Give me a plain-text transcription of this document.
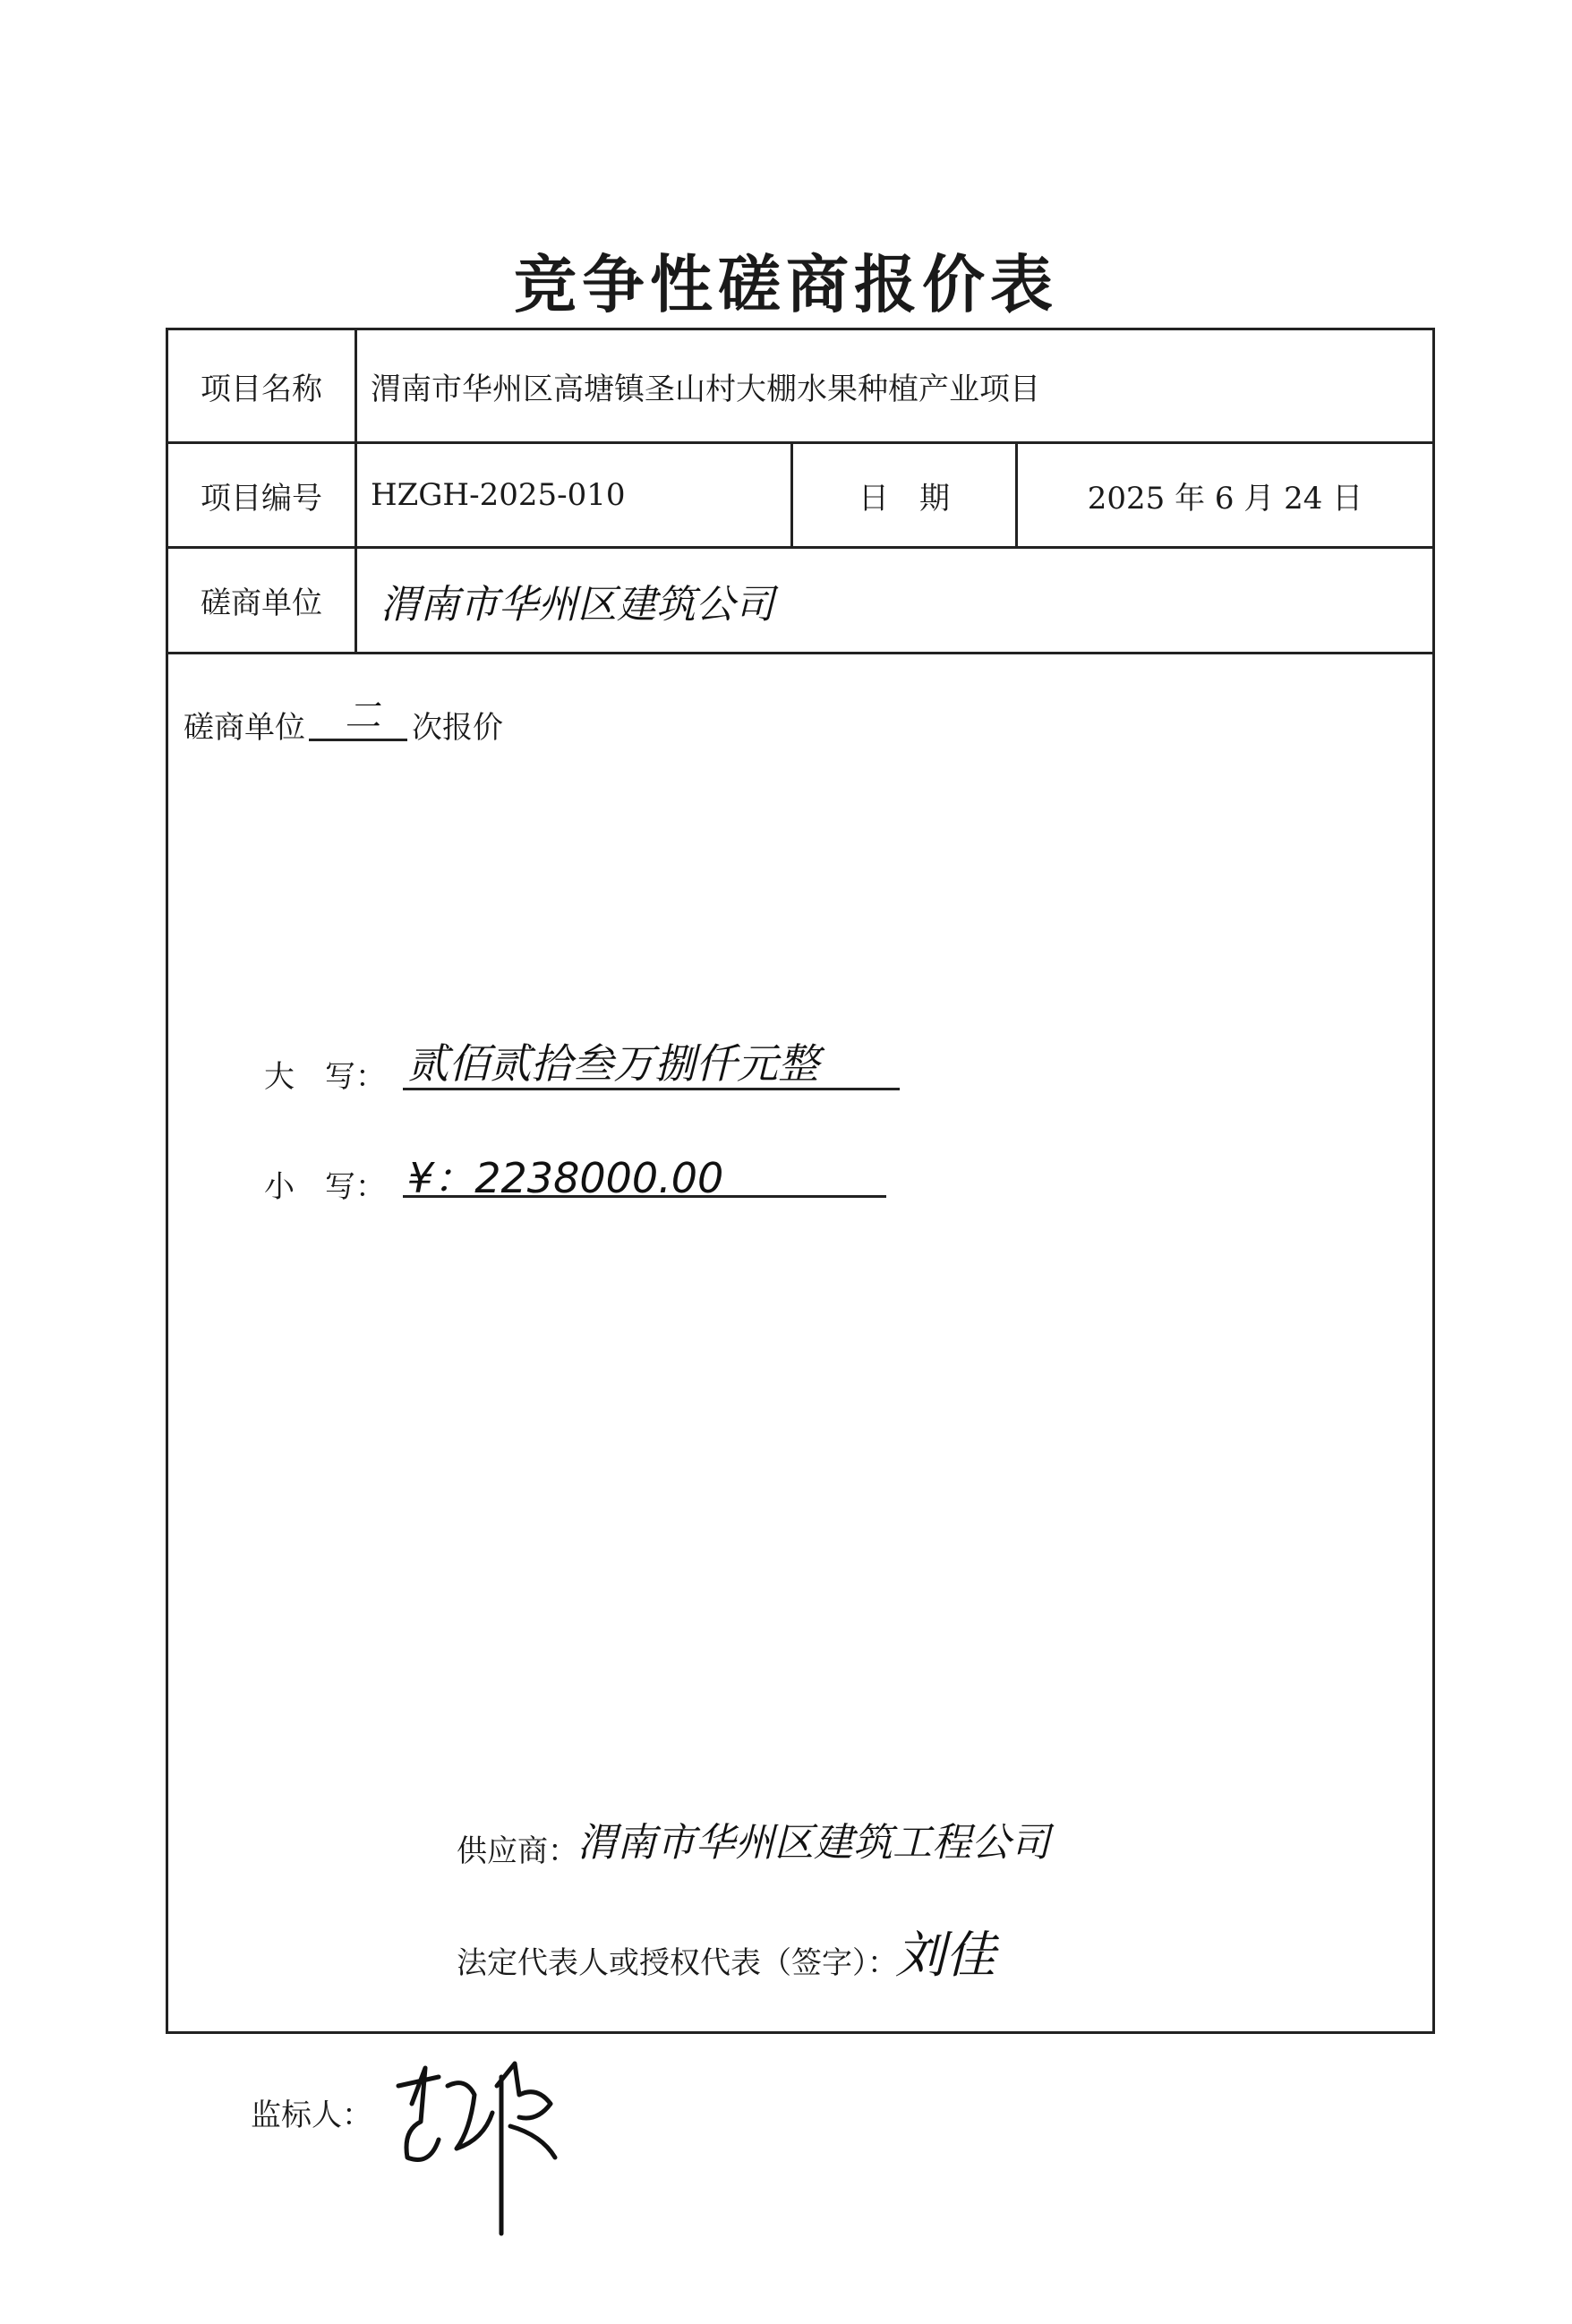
竞争性磋商报价表
项目名称	渭南市华州区高塘镇圣山村大棚水果种植产业项目
项目编号	HZGH-2025-010	日　期	2025 年 6 月 24 日
磋商单位	渭南市华州区建筑公司
磋商单位 二 次报价
大　写： 贰佰贰拾叁万捌仟元整
小　写： ¥：2238000.00
供应商： 渭南市华州区建筑工程公司
法定代表人或授权代表（签字）：
刘佳
监标人：
